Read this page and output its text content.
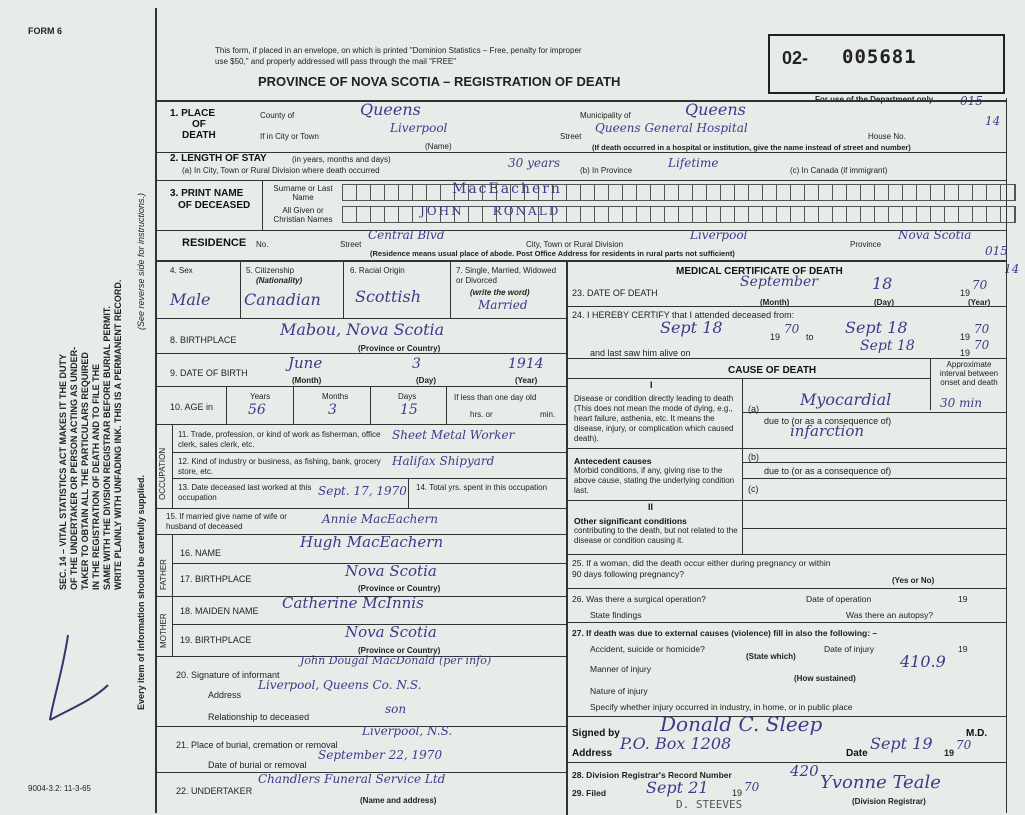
FORM 6
SEC. 14 – VITAL STATISTICS ACT MAKES IT THE DUTY OF THE UNDERTAKER OR PERSON ACTING AS UNDER- TAKER TO OBTAIN ALL THE PARTICULARS REQUIRED IN THE REGISTRATION OF DEATH AND TO FILE THE SAME WITH THE DIVISION REGISTRAR BEFORE BURIAL PERMIT. WRITE PLAINLY WITH UNFADING INK. THIS IS A PERMANENT RECORD.
(See reverse side for instructions.)
Every item of information should be carefully supplied.
9004-3.2: 11-3-65
This form, if placed in an envelope, on which is printed "Dominion Statistics – Free, penalty for improper
use $50," and properly addressed will pass through the mail "FREE"
PROVINCE OF NOVA SCOTIA – REGISTRATION OF DEATH
02- 005681
For use of the Department only 015
14
015
14
1. PLACE
OF
DEATH
County of	Queens	Municipality of	Queens
If in City or Town
Liverpool
(Name)
Street
Queens General Hospital
House No.
(If death occurred in a hospital or institution, give the name instead of street and number)
2. LENGTH OF STAY	(in years, months and days)
(a) In City, Town or Rural Division where death occurred
30 years
(b) In Province
Lifetime
(c) In Canada (if immigrant)
3. PRINT NAME
OF DECEASED
Surname or Last Name
All Given or Christian Names
MacEachern
JOHN     RONALD
RESIDENCE No.	Street
Central Blvd
City, Town or Rural Division
Liverpool
Province
Nova Scotia
(Residence means usual place of abode. Post Office Address for residents in rural parts not sufficient)
4. Sex
Male
5. Citizenship
(Nationality)
Canadian
6. Racial Origin
Scottish
7. Single, Married, Widowed or Divorced
(write the word)
Married
8. BIRTHPLACE
Mabou, Nova Scotia
(Province or Country)
9. DATE OF BIRTH
June	3	1914
(Month)	(Day)	(Year)
10. AGE in
Years
56
Months
3
Days
15
If less than one day old
hrs. or	min.
OCCUPATION
11. Trade, profession, or kind of work as fisherman, office clerk, sales clerk, etc.
Sheet Metal Worker
12. Kind of industry or business, as fishing, bank, grocery store, etc.
Halifax Shipyard
13. Date deceased last worked at this occupation	Sept. 17, 1970 14. Total yrs. spent in this occupation
15. If married give name of wife or husband of deceased
Annie MacEachern
FATHER
16. NAME
Hugh MacEachern
17. BIRTHPLACE	Nova Scotia
(Province or Country)
MOTHER
18. MAIDEN NAME Catherine McInnis
19. BIRTHPLACE	Nova Scotia
(Province or Country)
20. Signature of informant
John Dougal MacDonald (per info)
Address
Liverpool, Queens Co. N.S.
Relationship to deceased
son
21. Place of burial, cremation or removal
Liverpool, N.S.
Date of burial or removal
September 22, 1970
22. UNDERTAKER
Chandlers Funeral Service Ltd
(Name and address)
MEDICAL CERTIFICATE OF DEATH
23. DATE OF DEATH
September	18	19
70
(Month)	(Day)	(Year)
24. I HEREBY CERTIFY that I attended deceased from:
Sept 18	19
70
to Sept 18	19
70
and last saw him alive on	Sept 18	19
70
CAUSE OF DEATH
Approximate interval between onset and death
I
Disease or condition directly leading to death (This does not mean the mode of dying, e.g., heart failure, asthenia, etc. It means the disease, injury, or complication which caused death).
(a)	Myocardial	30 min
due to (or as a consequence of)
infarction
Antecedent causes
Morbid conditions, if any, giving rise to the above cause, stating the underlying condition last.
(b)
due to (or as a consequence of)
(c)
II
Other significant conditions
contributing to the death, but not related to the disease or condition causing it.
25. If a woman, did the death occur either during pregnancy or within 90 days following pregnancy?
(Yes or No)
26. Was there a surgical operation?	Date of operation	19
State findings	Was there an autopsy?
27. If death was due to external causes (violence) fill in also the following: –
Accident, suicide or homicide?
(State which)
Date of injury	19
410.9
Manner of injury
(How sustained)
Nature of injury
Specify whether injury occurred in industry, in home, or in public place
Signed by Donald C. Sleep	M.D.
Address
P.O. Box 1208
Date
Sept 19 19
70
28. Division Registrar's Record Number	420
29. Filed Sept 21	19 70	Yvonne Teale
(Division Registrar)
D. STEEVES
